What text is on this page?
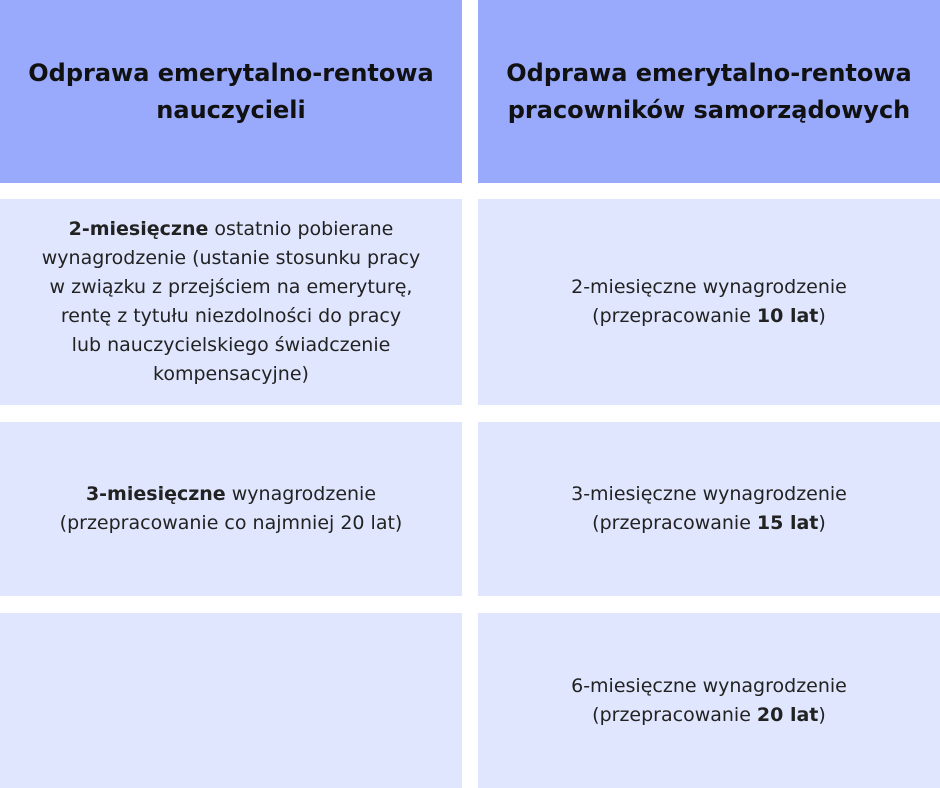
Odprawa emerytalno-rentowa
nauczycieli
Odprawa emerytalno-rentowa
pracowników samorządowych
2-miesięczne ostatnio pobierane
wynagrodzenie (ustanie stosunku pracy
w związku z przejściem na emeryturę,
rentę z tytułu niezdolności do pracy
lub nauczycielskiego świadczenie
kompensacyjne)
2-miesięczne wynagrodzenie
(przepracowanie 10 lat)
3-miesięczne wynagrodzenie
(przepracowanie co najmniej 20 lat)
3-miesięczne wynagrodzenie
(przepracowanie 15 lat)
6-miesięczne wynagrodzenie
(przepracowanie 20 lat)
